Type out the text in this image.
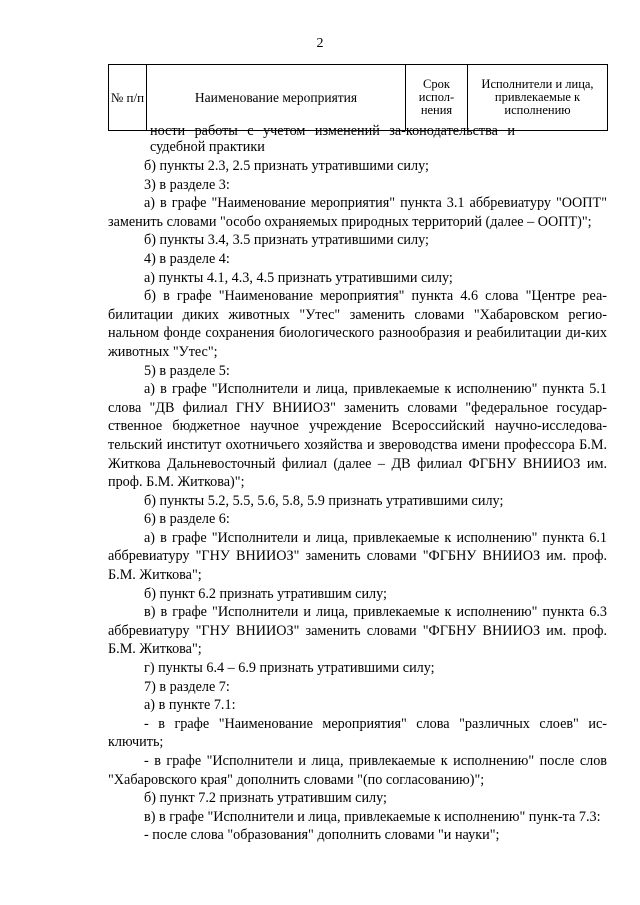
2
№ п/п	Наименование мероприятия	Срок испол-нения	Исполнители и лица, привлекаемые к исполнению

ности работы с учетом изменений за-конодательства и судебной практики

б) пункты 2.3, 2.5 признать утратившими силу;

3) в разделе 3:

а) в графе "Наименование мероприятия" пункта 3.1 аббревиатуру "ООПТ" заменить словами "особо охраняемых природных территорий (далее – ООПТ)";

б) пункты 3.4, 3.5 признать утратившими силу;

4) в разделе 4:

а) пункты 4.1, 4.3, 4.5 признать утратившими силу;

б) в графе "Наименование мероприятия" пункта 4.6 слова "Центре реа-билитации диких животных "Утес" заменить словами "Хабаровском регио-нальном фонде сохранения биологического разнообразия и реабилитации ди-ких животных "Утес";

5) в разделе 5:

а) в графе "Исполнители и лица, привлекаемые к исполнению" пункта 5.1 слова "ДВ филиал ГНУ ВНИИОЗ" заменить словами "федеральное государ-ственное бюджетное научное учреждение Всероссийский научно-исследова-тельский институт охотничьего хозяйства и звероводства имени профессора Б.М. Житкова Дальневосточный филиал (далее – ДВ филиал ФГБНУ ВНИИОЗ им. проф. Б.М. Житкова)";

б) пункты 5.2, 5.5, 5.6, 5.8, 5.9 признать утратившими силу;

6) в разделе 6:

а) в графе "Исполнители и лица, привлекаемые к исполнению" пункта 6.1 аббревиатуру "ГНУ ВНИИОЗ" заменить словами "ФГБНУ ВНИИОЗ им. проф. Б.М. Житкова";

б) пункт 6.2 признать утратившим силу;

в) в графе "Исполнители и лица, привлекаемые к исполнению" пункта 6.3 аббревиатуру "ГНУ ВНИИОЗ" заменить словами "ФГБНУ ВНИИОЗ им. проф. Б.М. Житкова";

г) пункты 6.4 – 6.9 признать утратившими силу;

7) в разделе 7:

а) в пункте 7.1:

- в графе "Наименование мероприятия" слова "различных слоев" ис-ключить;

- в графе "Исполнители и лица, привлекаемые к исполнению" после слов "Хабаровского края" дополнить словами "(по согласованию)";

б) пункт 7.2 признать утратившим силу;

в) в графе "Исполнители и лица, привлекаемые к исполнению" пунк-та 7.3:

- после слова "образования" дополнить словами "и науки";
